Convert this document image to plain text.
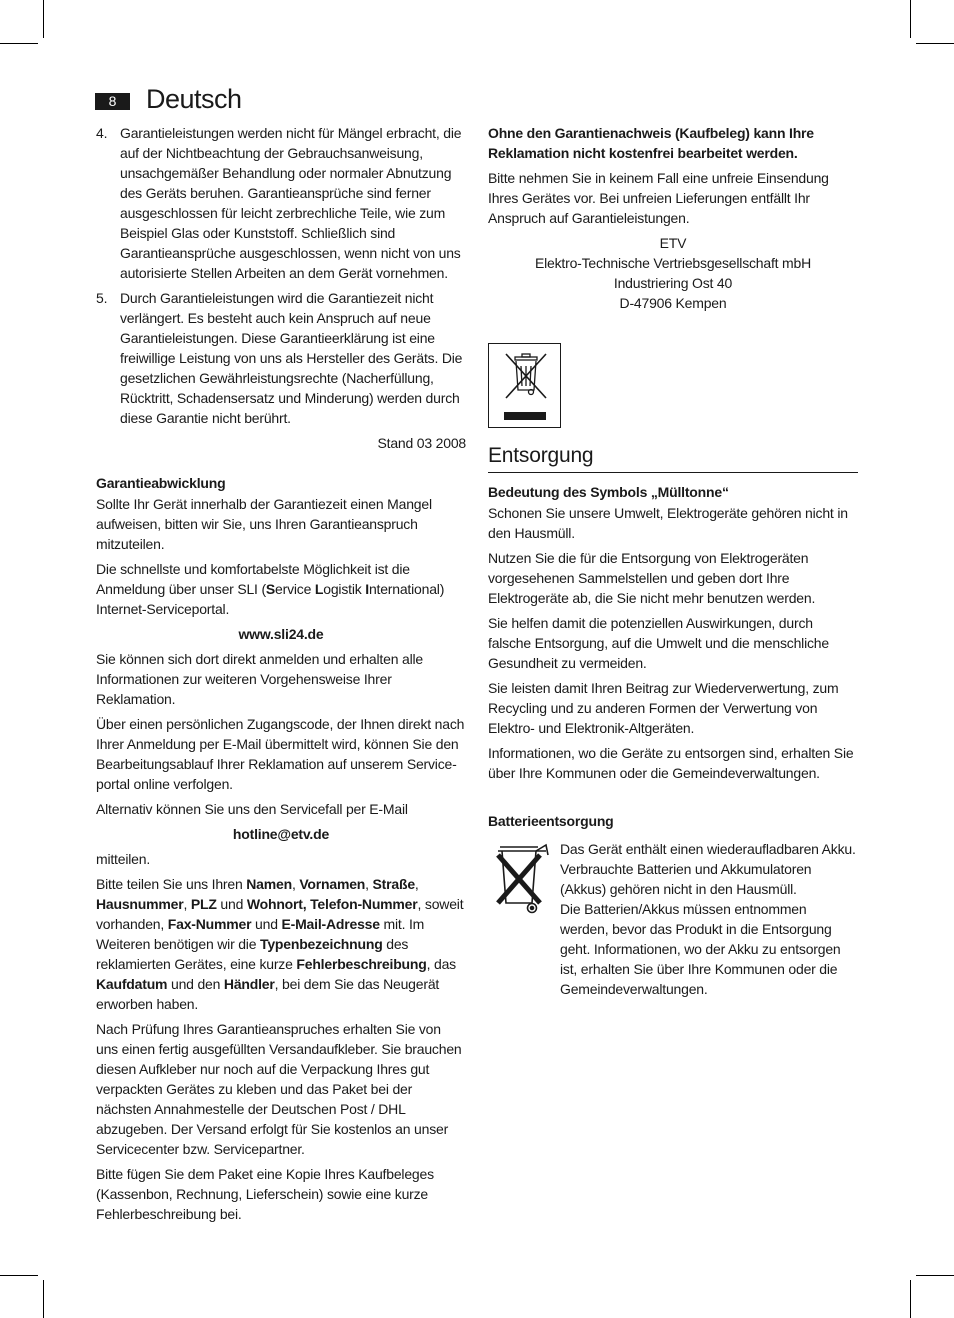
8	Deutsch
4. Garantieleistungen werden nicht für Mängel erbracht, die auf der Nichtbeachtung der Gebrauchsanweisung, unsachgemäßer Behandlung oder normaler Abnutzung des Geräts beruhen. Garantieansprüche sind ferner ausgeschlossen für leicht zerbrechliche Teile, wie zum Beispiel Glas oder Kunststoff. Schließlich sind Garantieansprüche ausgeschlossen, wenn nicht von uns autorisierte Stellen Arbeiten an dem Gerät vornehmen.
5. Durch Garantieleistungen wird die Garantiezeit nicht verlängert. Es besteht auch kein Anspruch auf neue Garantieleistungen. Diese Garantieerklärung ist eine freiwillige Leistung von uns als Hersteller des Geräts. Die gesetzlichen Gewährleistungsrechte (Nacherfüllung, Rücktritt, Schadensersatz und Minderung) werden durch diese Garantie nicht berührt.

Stand 03 2008

Garantieabwicklung

Sollte Ihr Gerät innerhalb der Garantiezeit einen Mangel aufweisen, bitten wir Sie, uns Ihren Garantieanspruch mitzuteilen.

Die schnellste und komfortabelste Möglichkeit ist die Anmeldung über unser SLI (Service Logistik International) Internet-Serviceportal.

www.sli24.de

Sie können sich dort direkt anmelden und erhalten alle Informationen zur weiteren Vorgehensweise Ihrer Reklamation.

Über einen persönlichen Zugangscode, der Ihnen direkt nach Ihrer Anmeldung per E-Mail übermittelt wird, können Sie den Bearbeitungsablauf Ihrer Reklamation auf unserem Service-portal online verfolgen.

Alternativ können Sie uns den Servicefall per E-Mail

hotline@etv.de

mitteilen.

Bitte teilen Sie uns Ihren Namen, Vornamen, Straße, Hausnummer, PLZ und Wohnort, Telefon-Nummer, soweit vorhanden, Fax-Nummer und E-Mail-Adresse mit. Im Weiteren benötigen wir die Typenbezeichnung des reklamierten Gerätes, eine kurze Fehlerbeschreibung, das Kaufdatum und den Händler, bei dem Sie das Neugerät erworben haben.

Nach Prüfung Ihres Garantieanspruches erhalten Sie von uns einen fertig ausgefüllten Versandaufkleber. Sie brauchen diesen Aufkleber nur noch auf die Verpackung Ihres gut verpackten Gerätes zu kleben und das Paket bei der nächsten Annahmestelle der Deutschen Post / DHL abzugeben. Der Versand erfolgt für Sie kostenlos an unser Servicecenter bzw. Servicepartner.

Bitte fügen Sie dem Paket eine Kopie Ihres Kaufbeleges (Kassenbon, Rechnung, Lieferschein) sowie eine kurze Fehlerbeschreibung bei.

Ohne den Garantienachweis (Kaufbeleg) kann Ihre Reklamation nicht kostenfrei bearbeitet werden.

Bitte nehmen Sie in keinem Fall eine unfreie Einsendung Ihres Gerätes vor. Bei unfreien Lieferungen entfällt Ihr Anspruch auf Garantieleistungen.

ETV

Elektro-Technische Vertriebsgesellschaft mbH

Industriering Ost 40

D-47906 Kempen

Entsorgung
Bedeutung des Symbols „Mülltonne“

Schonen Sie unsere Umwelt, Elektrogeräte gehören nicht in den Hausmüll.

Nutzen Sie die für die Entsorgung von Elektrogeräten vorgesehenen Sammelstellen und geben dort Ihre Elektrogeräte ab, die Sie nicht mehr benutzen werden.

Sie helfen damit die potenziellen Auswirkungen, durch falsche Entsorgung, auf die Umwelt und die menschliche Gesundheit zu vermeiden.

Sie leisten damit Ihren Beitrag zur Wiederverwertung, zum Recycling und zu anderen Formen der Verwertung von Elektro- und Elektronik-Altgeräten.

Informationen, wo die Geräte zu entsorgen sind, erhalten Sie über Ihre Kommunen oder die Gemeindeverwaltungen.

Batterieentsorgung

Das Gerät enthält einen wiederaufladbaren Akku. Verbrauchte Batterien und Akkumulatoren (Akkus) gehören nicht in den Hausmüll.

Die Batterien/Akkus müssen entnommen werden, bevor das Produkt in die Entsorgung geht. Informationen, wo der Akku zu entsorgen ist, erhalten Sie über Ihre Kommunen oder die Gemeindeverwaltungen.
